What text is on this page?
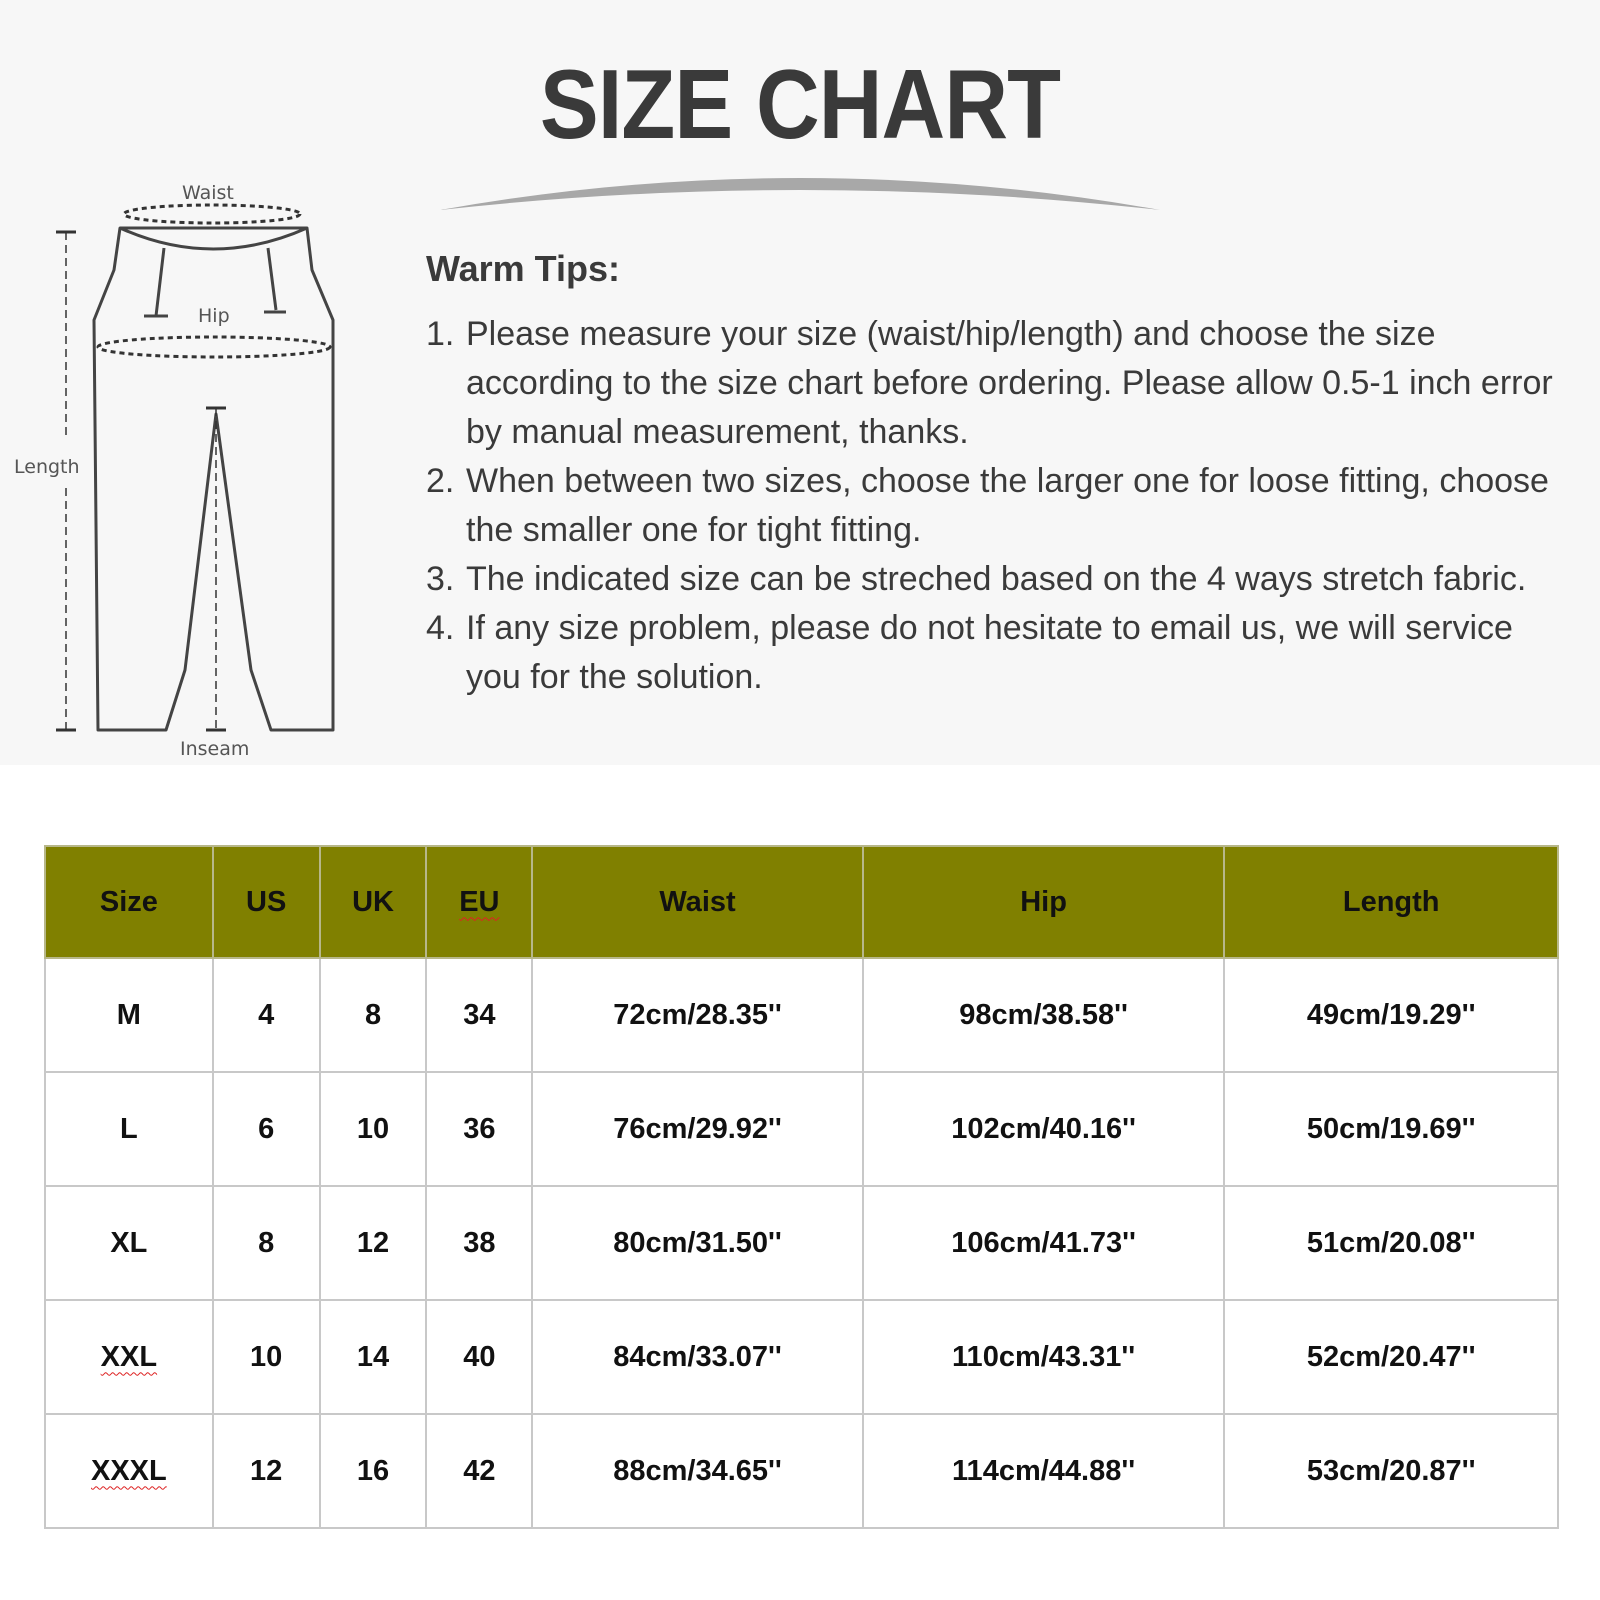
SIZE CHART
Waist
Hip
Length
Inseam
Warm Tips:
1. Please measure your size (waist/hip/length) and choose the size according to the size chart before ordering. Please allow 0.5-1 inch error by manual measurement, thanks.
2. When between two sizes, choose the larger one for loose fitting, choose the smaller one for tight fitting.
3. The indicated size can be streched based on the 4 ways stretch fabric.
4. If any size problem, please do not hesitate to email us, we will service you for the solution.
Size	US	UK	EU	Waist	Hip	Length
M	4	8	34	72cm/28.35''	98cm/38.58''	49cm/19.29''
L	6	10	36	76cm/29.92''	102cm/40.16''	50cm/19.69''
XL	8	12	38	80cm/31.50''	106cm/41.73''	51cm/20.08''
XXL	10	14	40	84cm/33.07''	110cm/43.31''	52cm/20.47''
XXXL	12	16	42	88cm/34.65''	114cm/44.88''	53cm/20.87''
